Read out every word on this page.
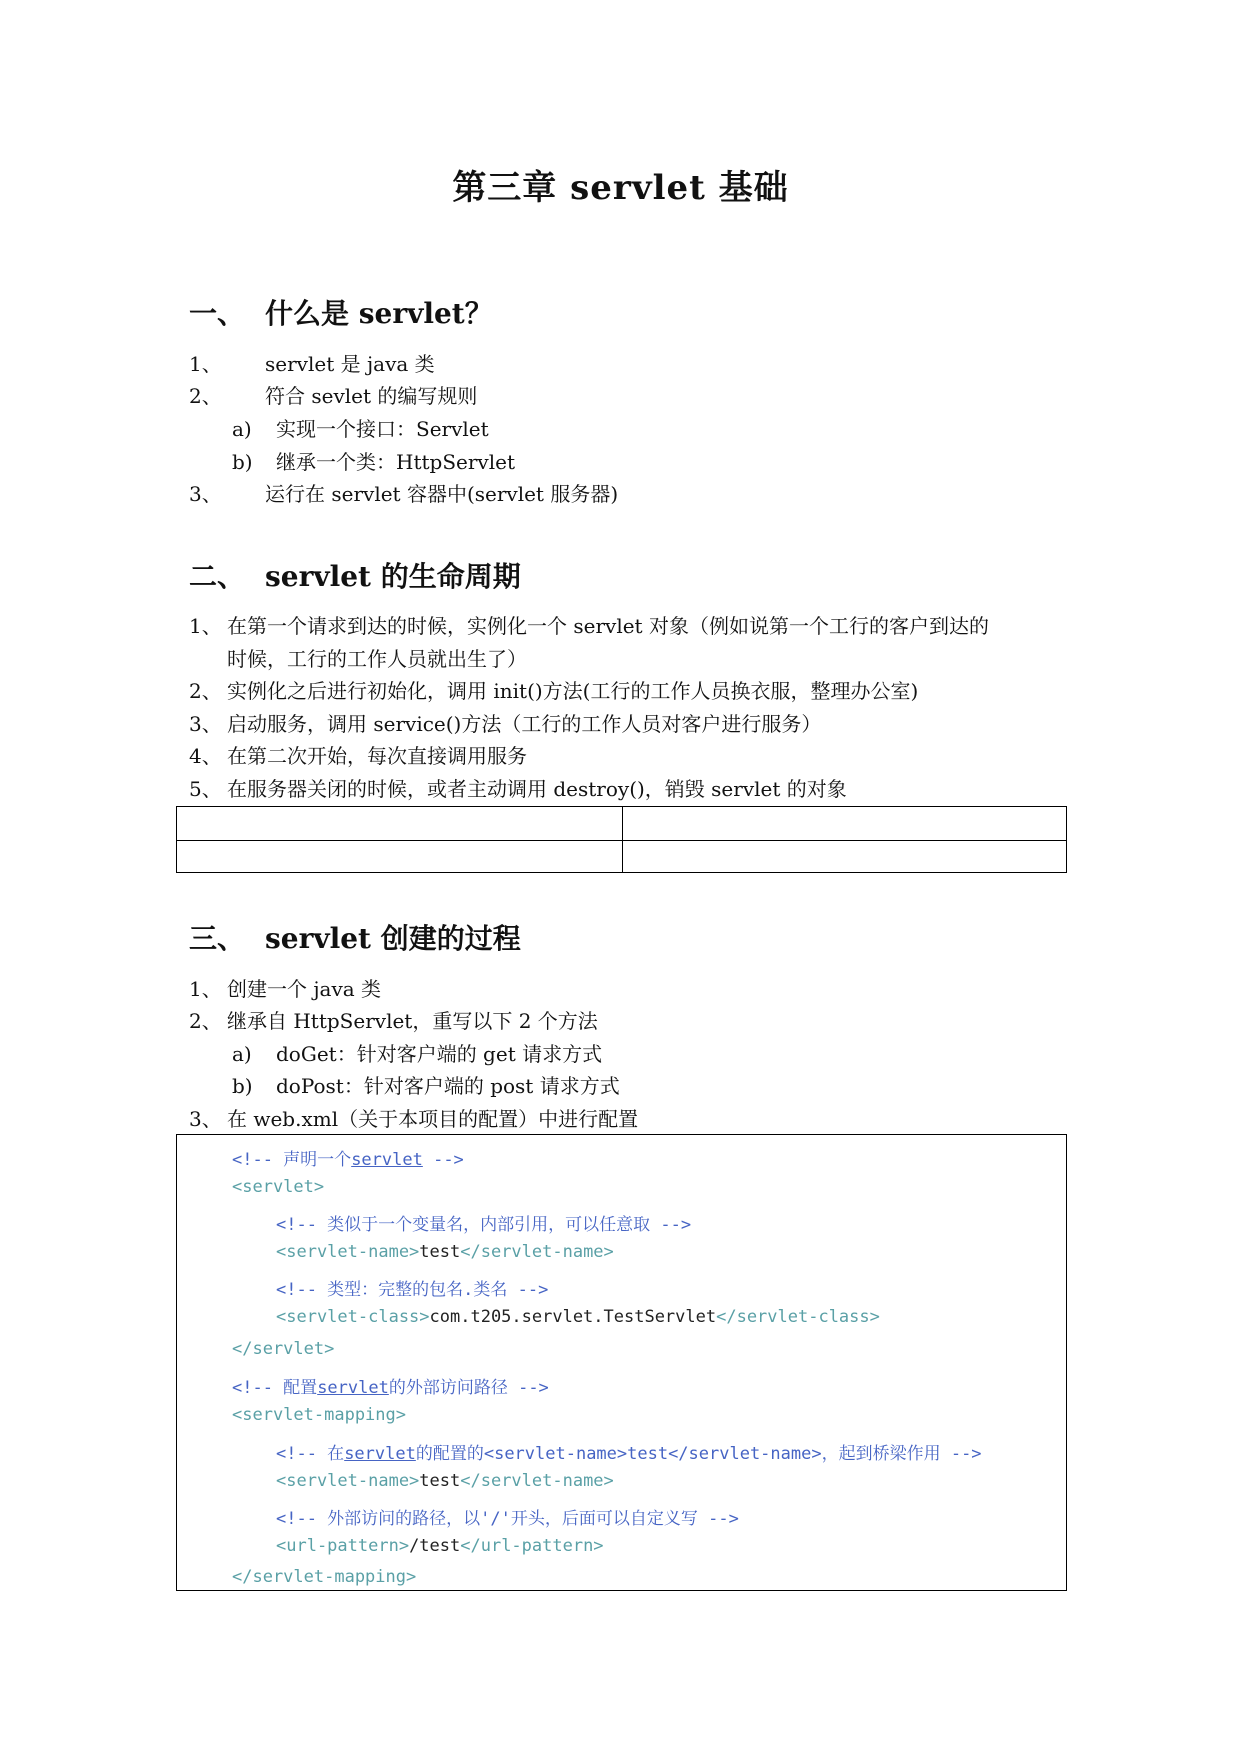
第三章 servlet 基础
一、 什么是 servlet？
1、 servlet 是 java 类
2、 符合 sevlet 的编写规则
a) 实现一个接口：Servlet
b) 继承一个类：HttpServlet
3、 运行在 servlet 容器中(servlet 服务器)
二、 servlet 的生命周期
1、 在第一个请求到达的时候，实例化一个 servlet 对象（例如说第一个工行的客户到达的
时候，工行的工作人员就出生了）
2、 实例化之后进行初始化，调用 init()方法(工行的工作人员换衣服，整理办公室)
3、 启动服务，调用 service()方法（工行的工作人员对客户进行服务）
4、 在第二次开始，每次直接调用服务
5、 在服务器关闭的时候，或者主动调用 destroy()，销毁 servlet 的对象
三、 servlet 创建的过程
1、 创建一个 java 类
2、 继承自 HttpServlet，重写以下 2 个方法
a) doGet：针对客户端的 get 请求方式
b) doPost：针对客户端的 post 请求方式
3、 在 web.xml（关于本项目的配置）中进行配置
<!-- 声明一个servlet -->
<servlet>
<!-- 类似于一个变量名，内部引用，可以任意取 -->
<servlet-name>test</servlet-name>
<!-- 类型：完整的包名.类名 -->
<servlet-class>com.t205.servlet.TestServlet</servlet-class>
</servlet>
<!-- 配置servlet的外部访问路径 -->
<servlet-mapping>
<!-- 在servlet的配置的<servlet-name>test</servlet-name>，起到桥梁作用 -->
<servlet-name>test</servlet-name>
<!-- 外部访问的路径，以'/'开头，后面可以自定义写 -->
<url-pattern>/test</url-pattern>
</servlet-mapping>
